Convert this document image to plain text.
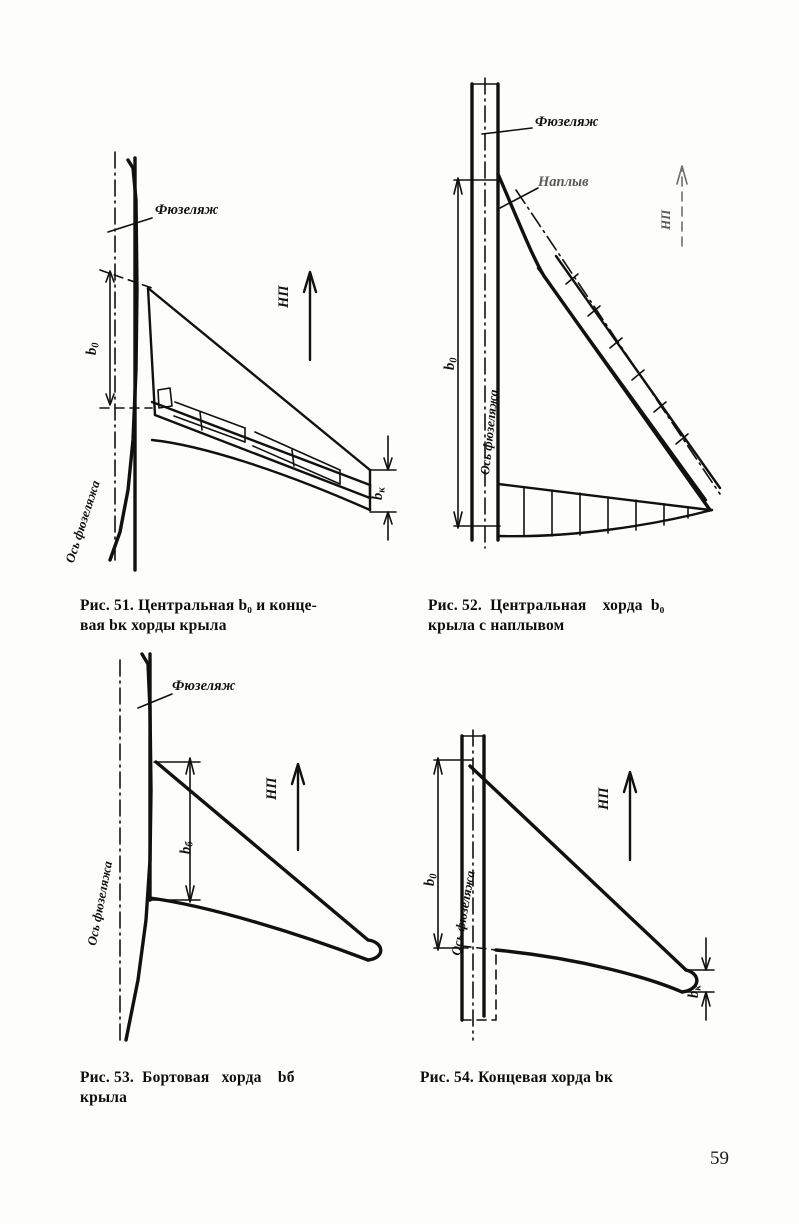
Фюзеляж
НП
$b_0$
$b_к$
Ось фюзеляжа
Рис. 51. Центральная b₀ и конце-
вая bк хорды крыла
Фюзеляж
Наплыв
НП
$b_0$
Ось фюзеляжа
Рис. 52.  Центральная    хорда  b₀
крыла с наплывом
Фюзеляж
НП
$b_б$
Ось фюзеляжа
Рис. 53.  Бортовая   хорда    bб
крыла
НП
$b_0$
$b_к$
Ось фюзеляжа
Рис. 54. Концевая хорда bк
59
